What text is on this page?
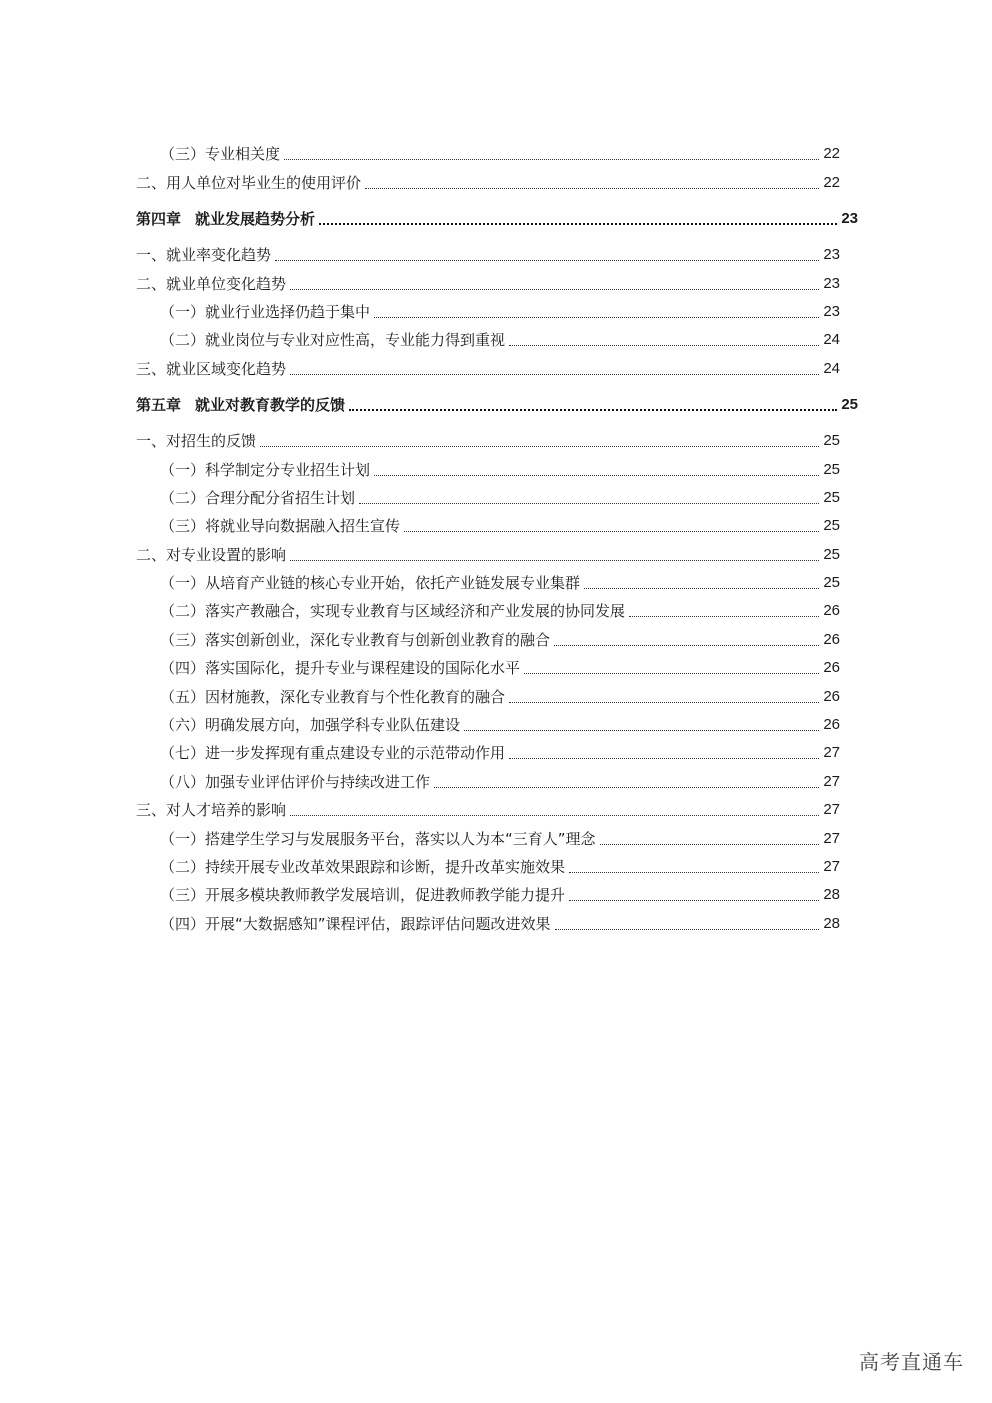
（三）专业相关度	22
二、用人单位对毕业生的使用评价	22
第四章 就业发展趋势分析	23
一、就业率变化趋势	23
二、就业单位变化趋势	23
（一）就业行业选择仍趋于集中	23
（二）就业岗位与专业对应性高，专业能力得到重视	24
三、就业区域变化趋势	24
第五章 就业对教育教学的反馈	25
一、对招生的反馈	25
（一）科学制定分专业招生计划	25
（二）合理分配分省招生计划	25
（三）将就业导向数据融入招生宣传	25
二、对专业设置的影响	25
（一）从培育产业链的核心专业开始，依托产业链发展专业集群	25
（二）落实产教融合，实现专业教育与区域经济和产业发展的协同发展	26
（三）落实创新创业，深化专业教育与创新创业教育的融合	26
（四）落实国际化，提升专业与课程建设的国际化水平	26
（五）因材施教，深化专业教育与个性化教育的融合	26
（六）明确发展方向，加强学科专业队伍建设	26
（七）进一步发挥现有重点建设专业的示范带动作用	27
（八）加强专业评估评价与持续改进工作	27
三、对人才培养的影响	27
（一）搭建学生学习与发展服务平台，落实以人为本“三育人”理念	27
（二）持续开展专业改革效果跟踪和诊断，提升改革实施效果	27
（三）开展多模块教师教学发展培训，促进教师教学能力提升	28
（四）开展“大数据感知”课程评估，跟踪评估问题改进效果	28
高考直通车
